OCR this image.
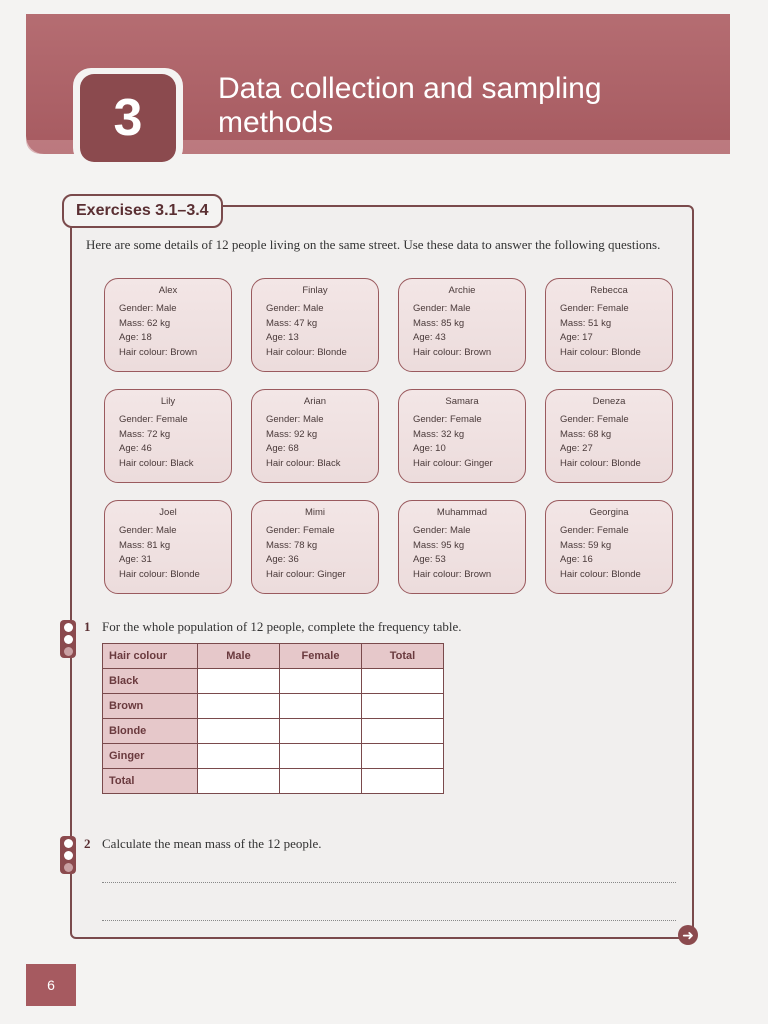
3
Data collection and sampling methods
Exercises 3.1–3.4
Here are some details of 12 people living on the same street. Use these data to answer the following questions.
Alex
Gender: Male
Mass: 62 kg
Age: 18
Hair colour: Brown
Finlay
Gender: Male
Mass: 47 kg
Age: 13
Hair colour: Blonde
Archie
Gender: Male
Mass: 85 kg
Age: 43
Hair colour: Brown
Rebecca
Gender: Female
Mass: 51 kg
Age: 17
Hair colour: Blonde
Lily
Gender: Female
Mass: 72 kg
Age: 46
Hair colour: Black
Arian
Gender: Male
Mass: 92 kg
Age: 68
Hair colour: Black
Samara
Gender: Female
Mass: 32 kg
Age: 10
Hair colour: Ginger
Deneza
Gender: Female
Mass: 68 kg
Age: 27
Hair colour: Blonde
Joel
Gender: Male
Mass: 81 kg
Age: 31
Hair colour: Blonde
Mimi
Gender: Female
Mass: 78 kg
Age: 36
Hair colour: Ginger
Muhammad
Gender: Male
Mass: 95 kg
Age: 53
Hair colour: Brown
Georgina
Gender: Female
Mass: 59 kg
Age: 16
Hair colour: Blonde
1 For the whole population of 12 people, complete the frequency table.
Hair colour	Male	Female	Total
Black			
Brown			
Blonde			
Ginger			
Total			
2 Calculate the mean mass of the 12 people.
➜
6
